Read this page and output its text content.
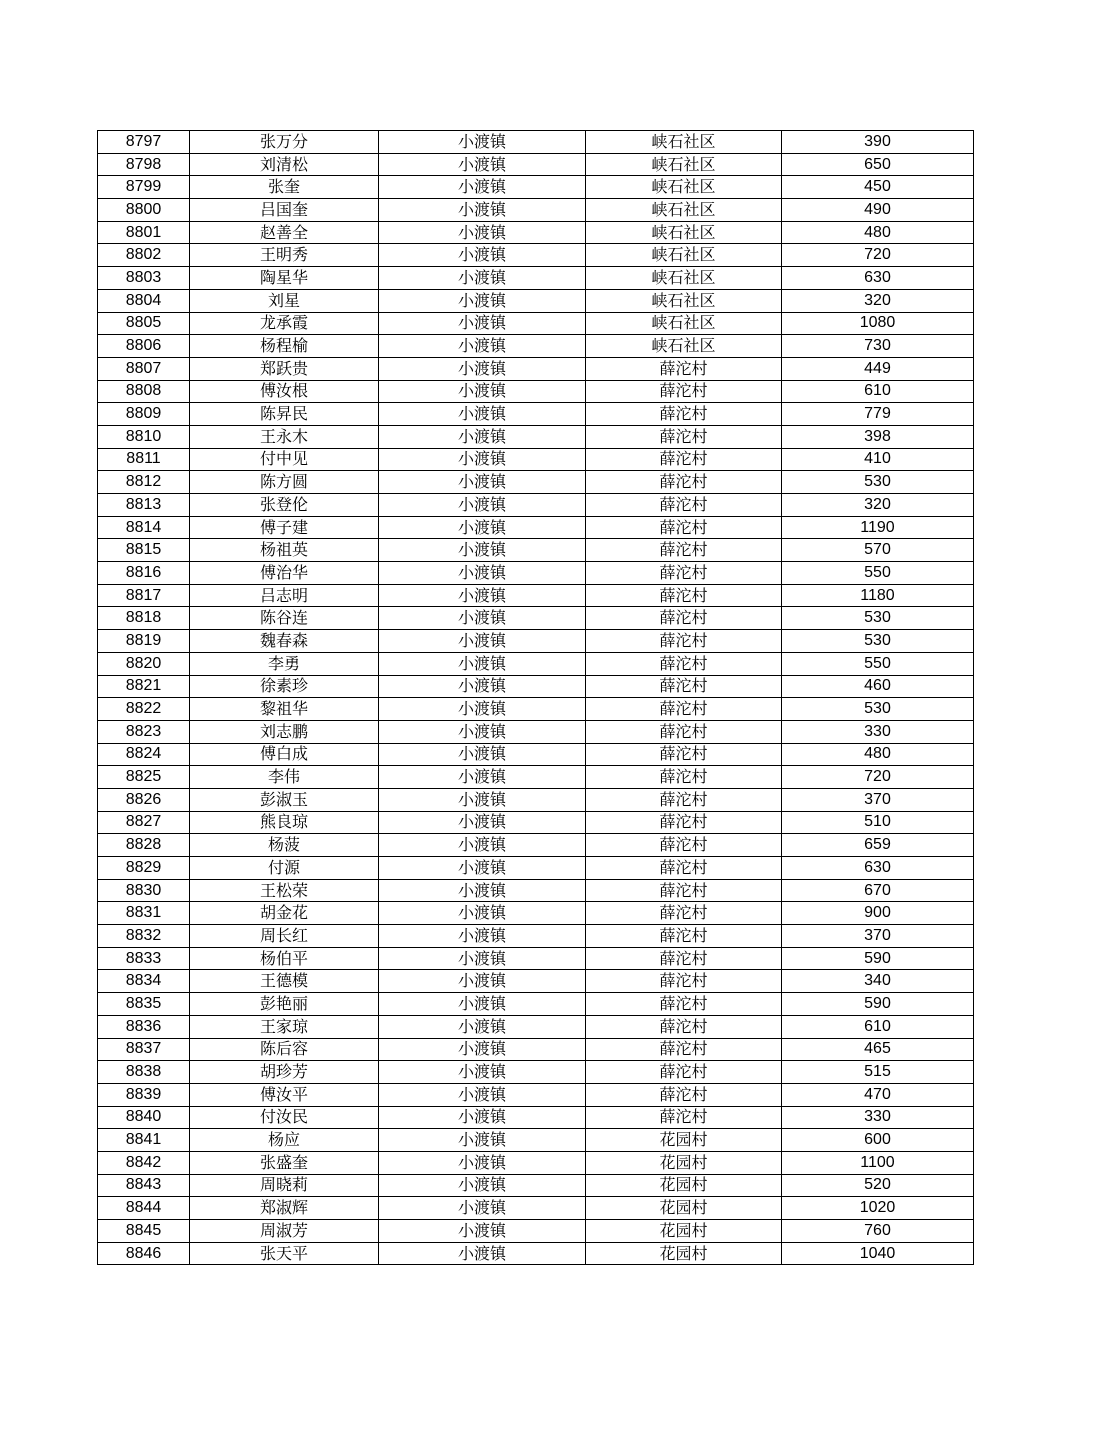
8797	张万分	小渡镇	峡石社区	390
8798	刘清松	小渡镇	峡石社区	650
8799	张奎	小渡镇	峡石社区	450
8800	吕国奎	小渡镇	峡石社区	490
8801	赵善全	小渡镇	峡石社区	480
8802	王明秀	小渡镇	峡石社区	720
8803	陶星华	小渡镇	峡石社区	630
8804	刘星	小渡镇	峡石社区	320
8805	龙承霞	小渡镇	峡石社区	1080
8806	杨程榆	小渡镇	峡石社区	730
8807	郑跃贵	小渡镇	薛沱村	449
8808	傅汝根	小渡镇	薛沱村	610
8809	陈昇民	小渡镇	薛沱村	779
8810	王永木	小渡镇	薛沱村	398
8811	付中见	小渡镇	薛沱村	410
8812	陈方圆	小渡镇	薛沱村	530
8813	张登伦	小渡镇	薛沱村	320
8814	傅子建	小渡镇	薛沱村	1190
8815	杨祖英	小渡镇	薛沱村	570
8816	傅治华	小渡镇	薛沱村	550
8817	吕志明	小渡镇	薛沱村	1180
8818	陈谷连	小渡镇	薛沱村	530
8819	魏春森	小渡镇	薛沱村	530
8820	李勇	小渡镇	薛沱村	550
8821	徐素珍	小渡镇	薛沱村	460
8822	黎祖华	小渡镇	薛沱村	530
8823	刘志鹏	小渡镇	薛沱村	330
8824	傅白成	小渡镇	薛沱村	480
8825	李伟	小渡镇	薛沱村	720
8826	彭淑玉	小渡镇	薛沱村	370
8827	熊良琼	小渡镇	薛沱村	510
8828	杨菠	小渡镇	薛沱村	659
8829	付源	小渡镇	薛沱村	630
8830	王松荣	小渡镇	薛沱村	670
8831	胡金花	小渡镇	薛沱村	900
8832	周长红	小渡镇	薛沱村	370
8833	杨伯平	小渡镇	薛沱村	590
8834	王德模	小渡镇	薛沱村	340
8835	彭艳丽	小渡镇	薛沱村	590
8836	王家琼	小渡镇	薛沱村	610
8837	陈后容	小渡镇	薛沱村	465
8838	胡珍芳	小渡镇	薛沱村	515
8839	傅汝平	小渡镇	薛沱村	470
8840	付汝民	小渡镇	薛沱村	330
8841	杨应	小渡镇	花园村	600
8842	张盛奎	小渡镇	花园村	1100
8843	周晓莉	小渡镇	花园村	520
8844	郑淑辉	小渡镇	花园村	1020
8845	周淑芳	小渡镇	花园村	760
8846	张天平	小渡镇	花园村	1040
